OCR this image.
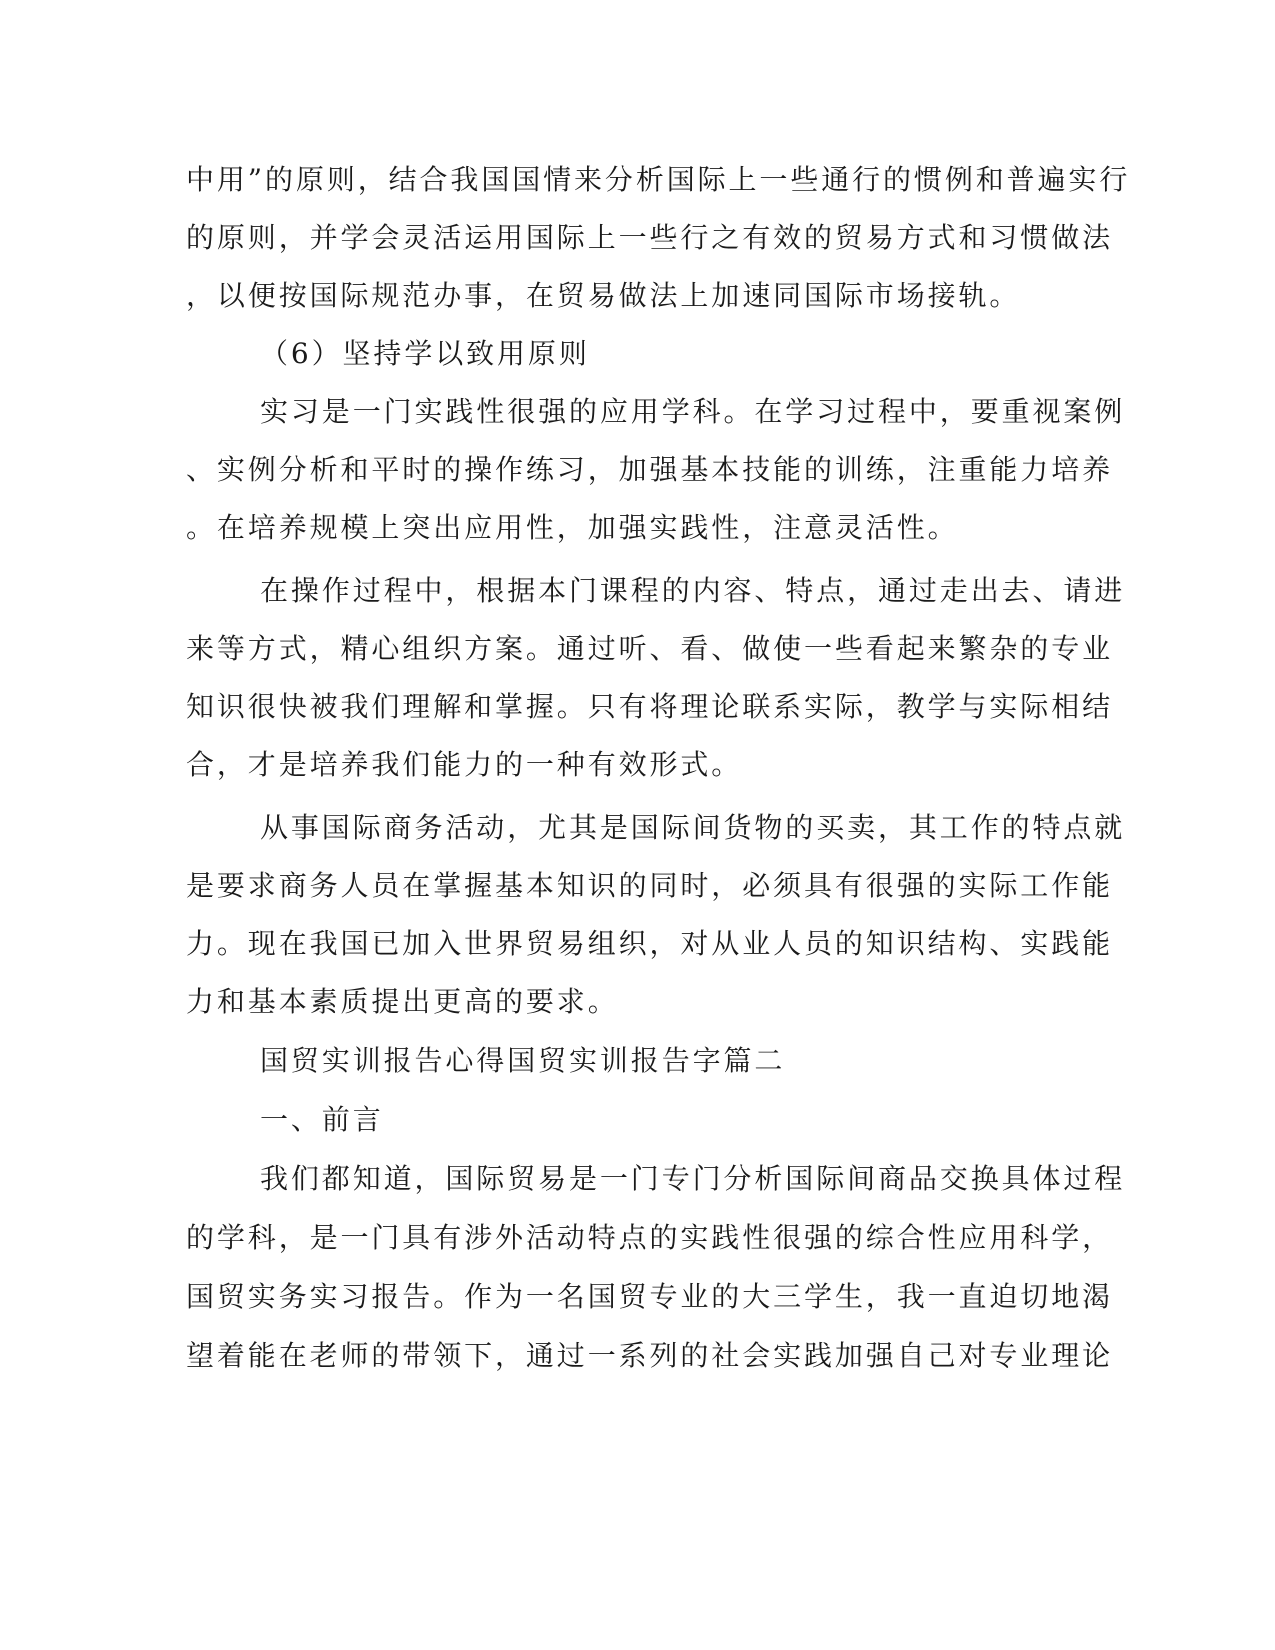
中用”的原则，结合我国国情来分析国际上一些通行的惯例和普遍实行
的原则，并学会灵活运用国际上一些行之有效的贸易方式和习惯做法
，以便按国际规范办事，在贸易做法上加速同国际市场接轨。
（6）坚持学以致用原则
实习是一门实践性很强的应用学科。在学习过程中，要重视案例
、实例分析和平时的操作练习，加强基本技能的训练，注重能力培养
。在培养规模上突出应用性，加强实践性，注意灵活性。
在操作过程中，根据本门课程的内容、特点，通过走出去、请进
来等方式，精心组织方案。通过听、看、做使一些看起来繁杂的专业
知识很快被我们理解和掌握。只有将理论联系实际，教学与实际相结
合，才是培养我们能力的一种有效形式。
从事国际商务活动，尤其是国际间货物的买卖，其工作的特点就
是要求商务人员在掌握基本知识的同时，必须具有很强的实际工作能
力。现在我国已加入世界贸易组织，对从业人员的知识结构、实践能
力和基本素质提出更高的要求。
国贸实训报告心得国贸实训报告字篇二
一、前言
我们都知道，国际贸易是一门专门分析国际间商品交换具体过程
的学科，是一门具有涉外活动特点的实践性很强的综合性应用科学，
国贸实务实习报告。作为一名国贸专业的大三学生，我一直迫切地渴
望着能在老师的带领下，通过一系列的社会实践加强自己对专业理论
